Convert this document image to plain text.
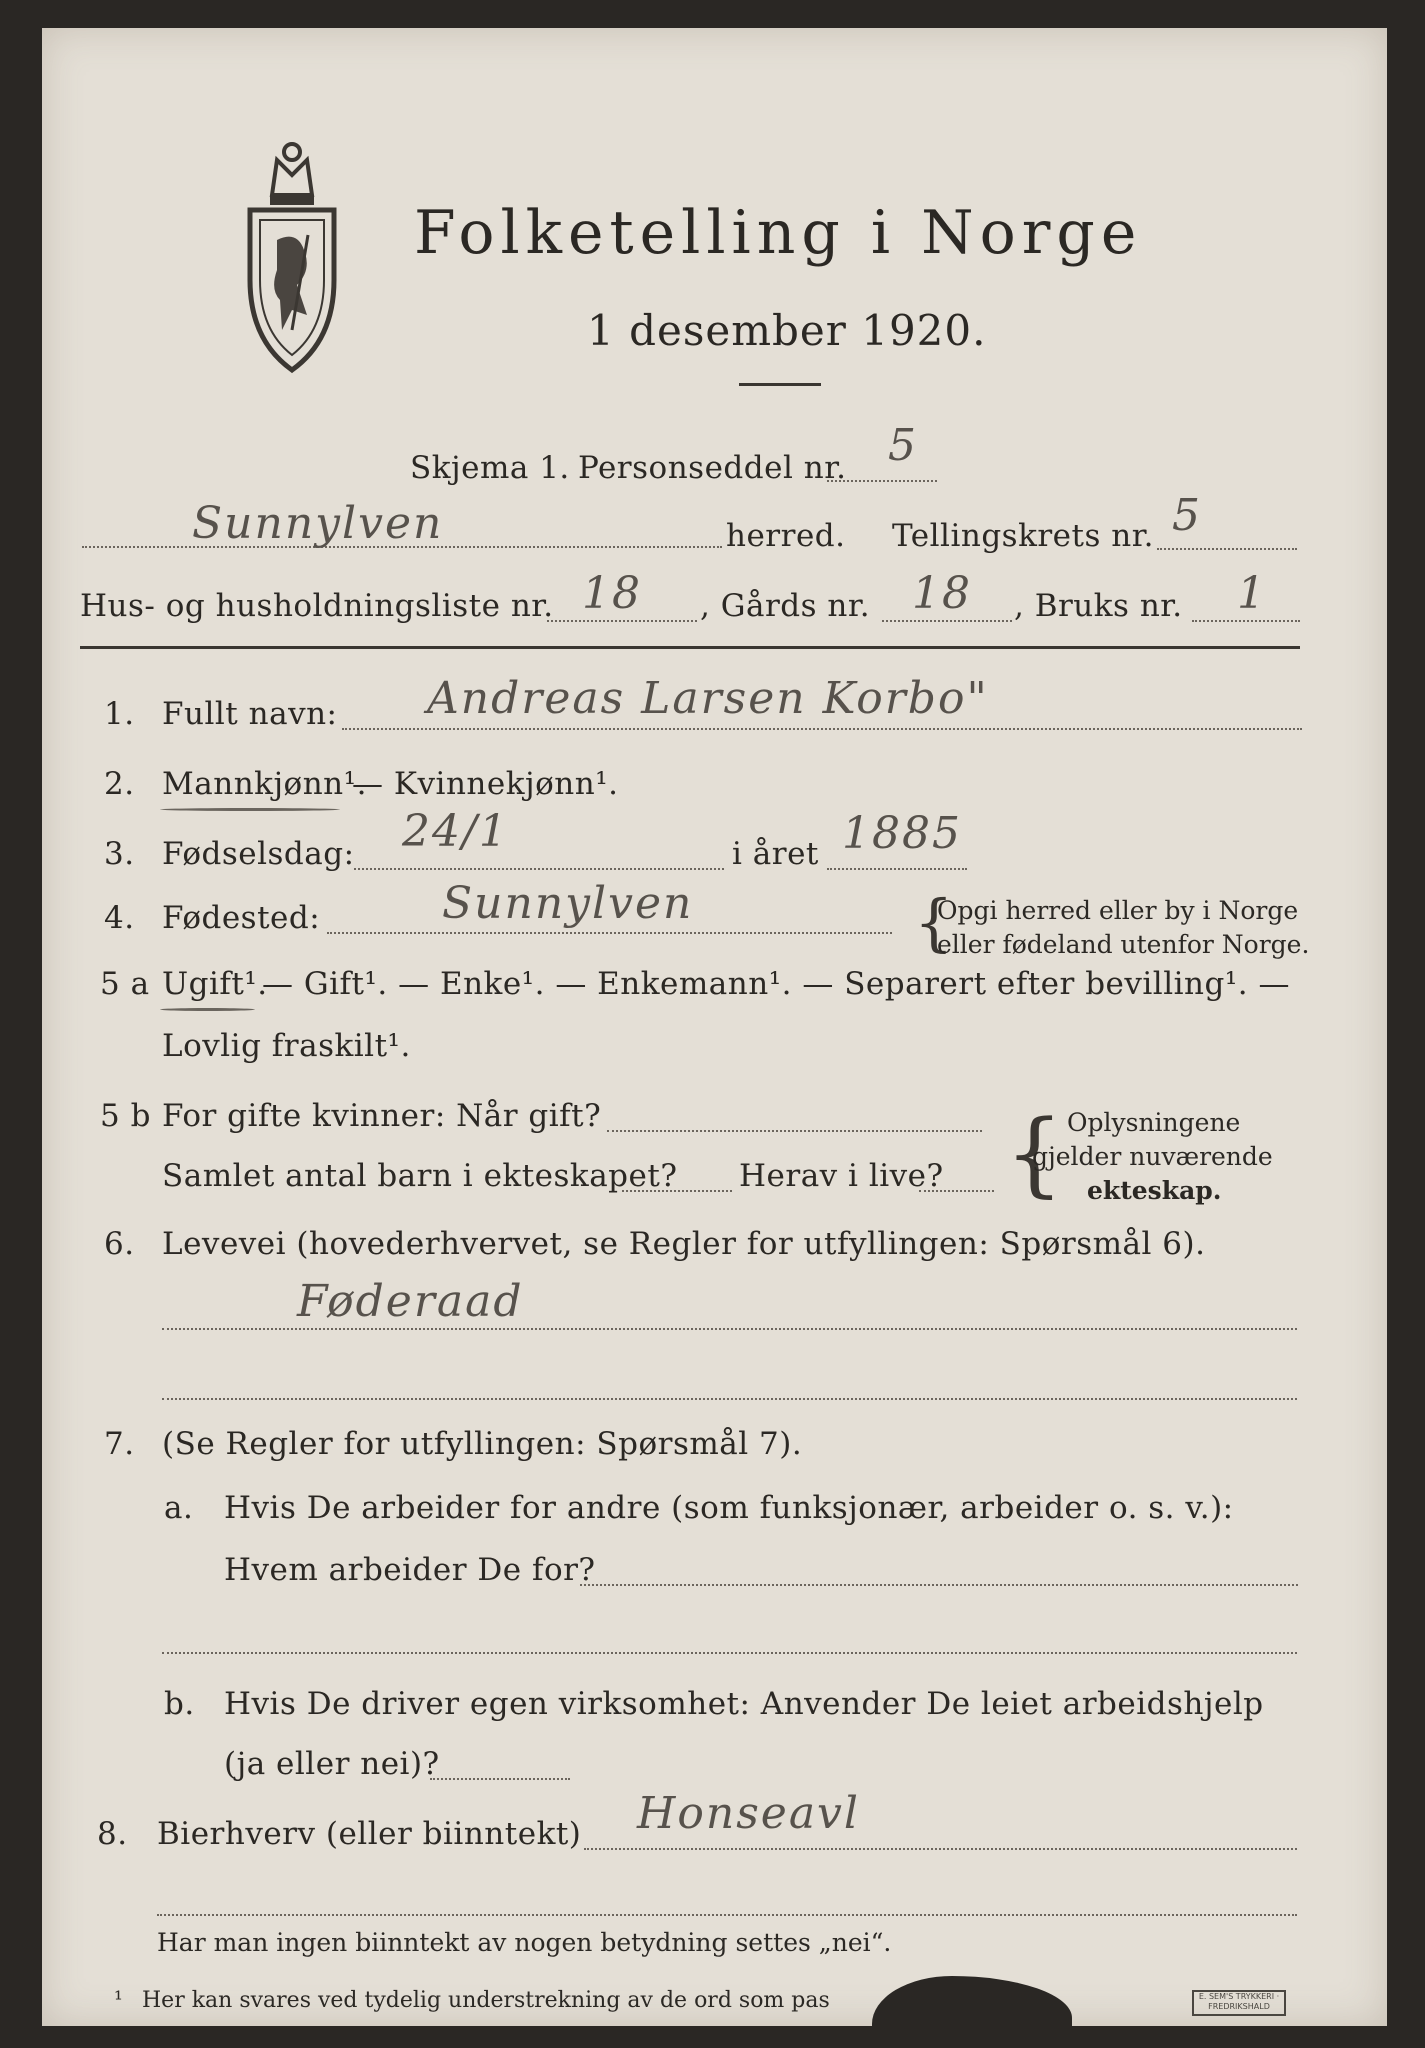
Folketelling i Norge
1 desember 1920.
Skjema 1. Personseddel nr. 5
Sunnylven	herred. Tellingskrets nr. 5
Hus- og husholdningsliste nr. 18 , Gårds nr. 18 , Bruks nr. 1
1. Fullt navn: Andreas Larsen Korbo"
2. Mannkjønn¹.
— Kvinnekjønn¹.
3. Fødselsdag: 24/1	i året 1885
4. Fødested:	Sunnylven	{
Opgi herred eller by i Norge
eller fødeland utenfor Norge.
5 a Ugift¹.
— Gift¹. — Enke¹. — Enkemann¹. — Separert efter bevilling¹. —
Lovlig fraskilt¹.
5 b For gifte kvinner: Når gift?
Samlet antal barn i ekteskapet? Herav i live? { Oplysningene
gjelder nuværende
ekteskap.
6. Levevei (hovederhvervet, se Regler for utfyllingen: Spørsmål 6).
Føderaad
7. (Se Regler for utfyllingen: Spørsmål 7).
a. Hvis De arbeider for andre (som funksjonær, arbeider o. s. v.):
Hvem arbeider De for?
b. Hvis De driver egen virksomhet: Anvender De leiet arbeidshjelp
(ja eller nei)?
8. Bierhverv (eller biinntekt) Honseavl
Har man ingen biinntekt av nogen betydning settes „nei“.
¹ Her kan svares ved tydelig understrekning av de ord som pas	E. SEM'S TRYKKERI · FREDRIKSHALD
